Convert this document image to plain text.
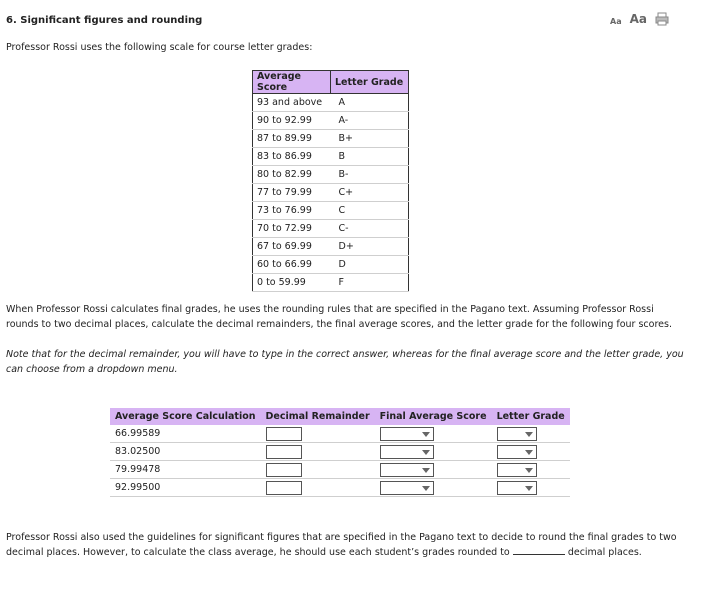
6. Significant figures and rounding	Aa Aa
Professor Rossi uses the following scale for course letter grades:
Average Score	Letter Grade
93 and above	A
90 to 92.99	A-
87 to 89.99	B+
83 to 86.99	B
80 to 82.99	B-
77 to 79.99	C+
73 to 76.99	C
70 to 72.99	C-
67 to 69.99	D+
60 to 66.99	D
0 to 59.99	F
When Professor Rossi calculates final grades, he uses the rounding rules that are specified in the Pagano text. Assuming Professor Rossi rounds to two decimal places, calculate the decimal remainders, the final average scores, and the letter grade for the following four scores.
Note that for the decimal remainder, you will have to type in the correct answer, whereas for the final average score and the letter grade, you can choose from a dropdown menu.
Average Score Calculation	Decimal Remainder	Final Average Score	Letter Grade
66.99589	

83.02500	

79.99478	

92.99500	

Professor Rossi also used the guidelines for significant figures that are specified in the Pagano text to decide to round the final grades to two decimal places. However, to calculate the class average, he should use each student’s grades rounded to	decimal places.
